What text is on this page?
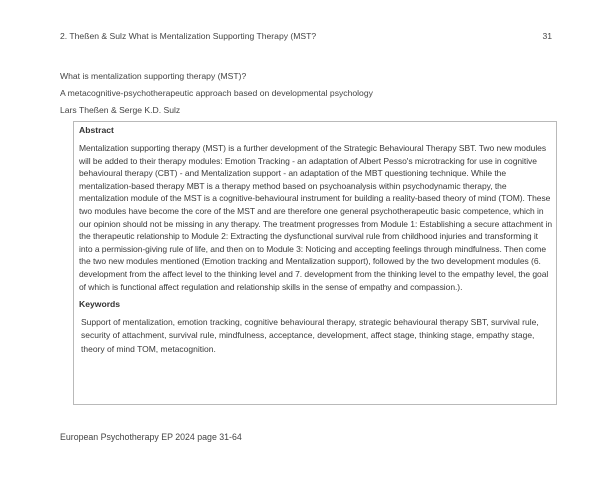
2. Theßen & Sulz What is Mentalization Supporting Therapy (MST?	31
What is mentalization supporting therapy (MST)?
A metacognitive-psychotherapeutic approach based on developmental psychology
Lars Theßen & Serge K.D. Sulz
Abstract

Mentalization supporting therapy (MST) is a further development of the Strategic Behavioural Therapy SBT. Two new modules will be added to their therapy modules: Emotion Tracking - an adaptation of Albert Pesso's microtracking for use in cognitive behavioural therapy (CBT) - and Mentalization support - an adaptation of the MBT questioning technique. While the mentalization-based therapy MBT is a therapy method based on psychoanalysis within psychodynamic therapy, the mentalization module of the MST is a cognitive-behavioural instrument for building a reality-based theory of mind (TOM). These two modules have become the core of the MST and are therefore one general psychotherapeutic basic competence, which in our opinion should not be missing in any therapy. The treatment progresses from Module 1: Establishing a secure attachment in the therapeutic relationship to Module 2: Extracting the dysfunctional survival rule from childhood injuries and transforming it into a permission-giving rule of life, and then on to Module 3: Noticing and accepting feelings through mindfulness. Then come the two new modules mentioned (Emotion tracking and Mentalization support), followed by the two development modules (6. development from the affect level to the thinking level and 7. development from the thinking level to the empathy level, the goal of which is functional affect regulation and relationship skills in the sense of empathy and compassion.).

Keywords

Support of mentalization, emotion tracking, cognitive behavioural therapy, strategic behavioural therapy SBT, survival rule, security of attachment, survival rule, mindfulness, acceptance, development, affect stage, thinking stage, empathy stage, theory of mind TOM, metacognition.

European Psychotherapy EP 2024 page 31-64
